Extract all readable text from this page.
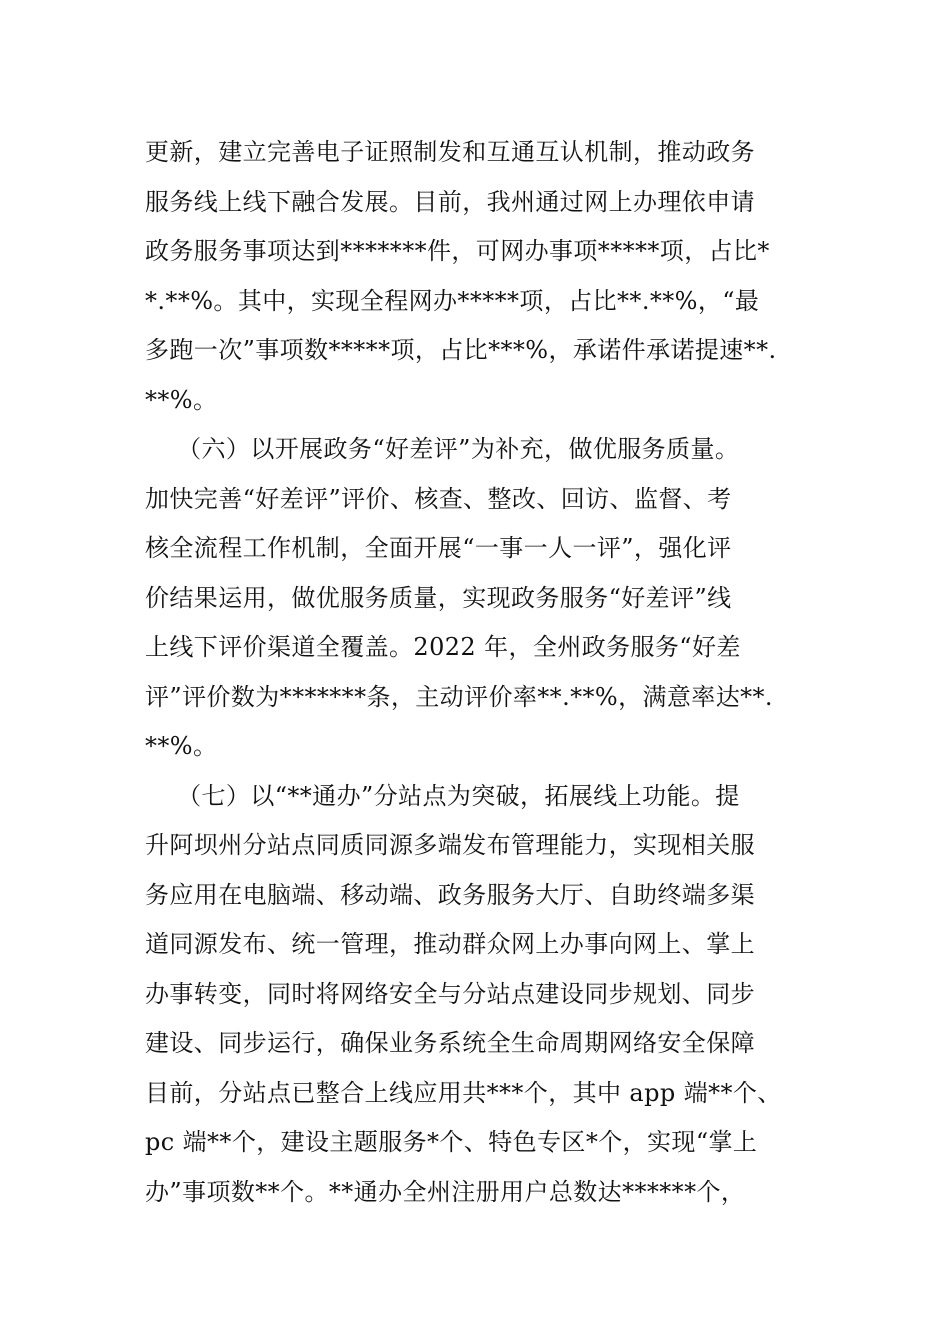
更新，建立完善电子证照制发和互通互认机制，推动政务
服务线上线下融合发展。目前，我州通过网上办理依申请
政务服务事项达到*******件，可网办事项*****项，占比*
*.**%。其中，实现全程网办*****项，占比**.**%，“最
多跑一次”事项数*****项，占比***%，承诺件承诺提速**.
**%。
（六）以开展政务“好差评”为补充，做优服务质量。
加快完善“好差评”评价、核查、整改、回访、监督、考
核全流程工作机制，全面开展“一事一人一评”，强化评
价结果运用，做优服务质量，实现政务服务“好差评”线
上线下评价渠道全覆盖。2022 年，全州政务服务“好差
评”评价数为*******条，主动评价率**.**%，满意率达**.
**%。
（七）以“**通办”分站点为突破，拓展线上功能。提
升阿坝州分站点同质同源多端发布管理能力，实现相关服
务应用在电脑端、移动端、政务服务大厅、自助终端多渠
道同源发布、统一管理，推动群众网上办事向网上、掌上
办事转变，同时将网络安全与分站点建设同步规划、同步
建设、同步运行，确保业务系统全生命周期网络安全保障
目前，分站点已整合上线应用共***个，其中 app 端**个、
pc 端**个，建设主题服务*个、特色专区*个，实现“掌上
办”事项数**个。**通办全州注册用户总数达******个，
